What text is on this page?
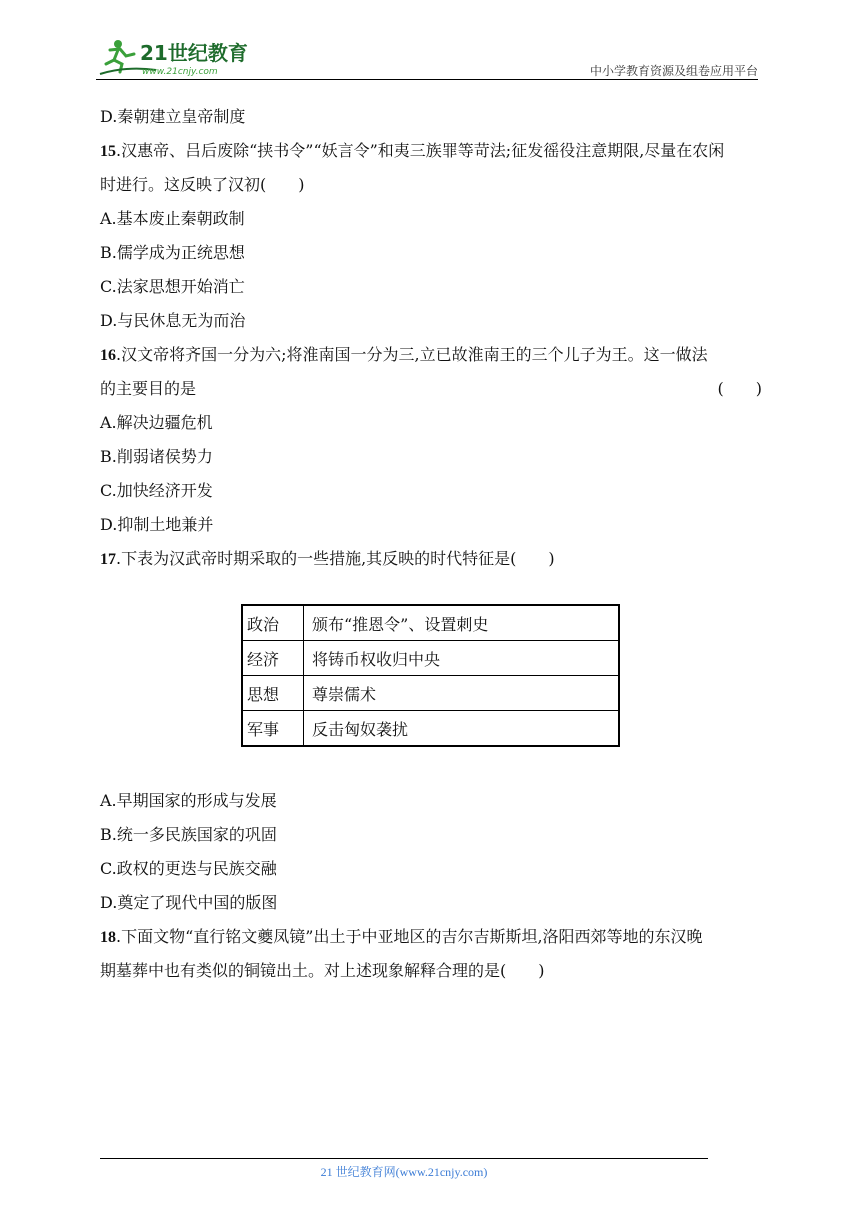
21世纪教育
www.21cnjy.com	中小学教育资源及组卷应用平台
D.秦朝建立皇帝制度
15.汉惠帝、吕后废除“挟书令”“妖言令”和夷三族罪等苛法;征发徭役注意期限,尽量在农闲
时进行。这反映了汉初(　　)
A.基本废止秦朝政制
B.儒学成为正统思想
C.法家思想开始消亡
D.与民休息无为而治
16.汉文帝将齐国一分为六;将淮南国一分为三,立已故淮南王的三个儿子为王。这一做法
的主要目的是	(　　)
A.解决边疆危机
B.削弱诸侯势力
C.加快经济开发
D.抑制土地兼并
17.下表为汉武帝时期采取的一些措施,其反映的时代特征是(　　)
政治	颁布“推恩令”、设置刺史
经济	将铸币权收归中央
思想	尊崇儒术
军事	反击匈奴袭扰
A.早期国家的形成与发展
B.统一多民族国家的巩固
C.政权的更迭与民族交融
D.奠定了现代中国的版图
18.下面文物“直行铭文夔凤镜”出土于中亚地区的吉尔吉斯斯坦,洛阳西郊等地的东汉晚
期墓葬中也有类似的铜镜出土。对上述现象解释合理的是(　　)
21 世纪教育网(www.21cnjy.com)
